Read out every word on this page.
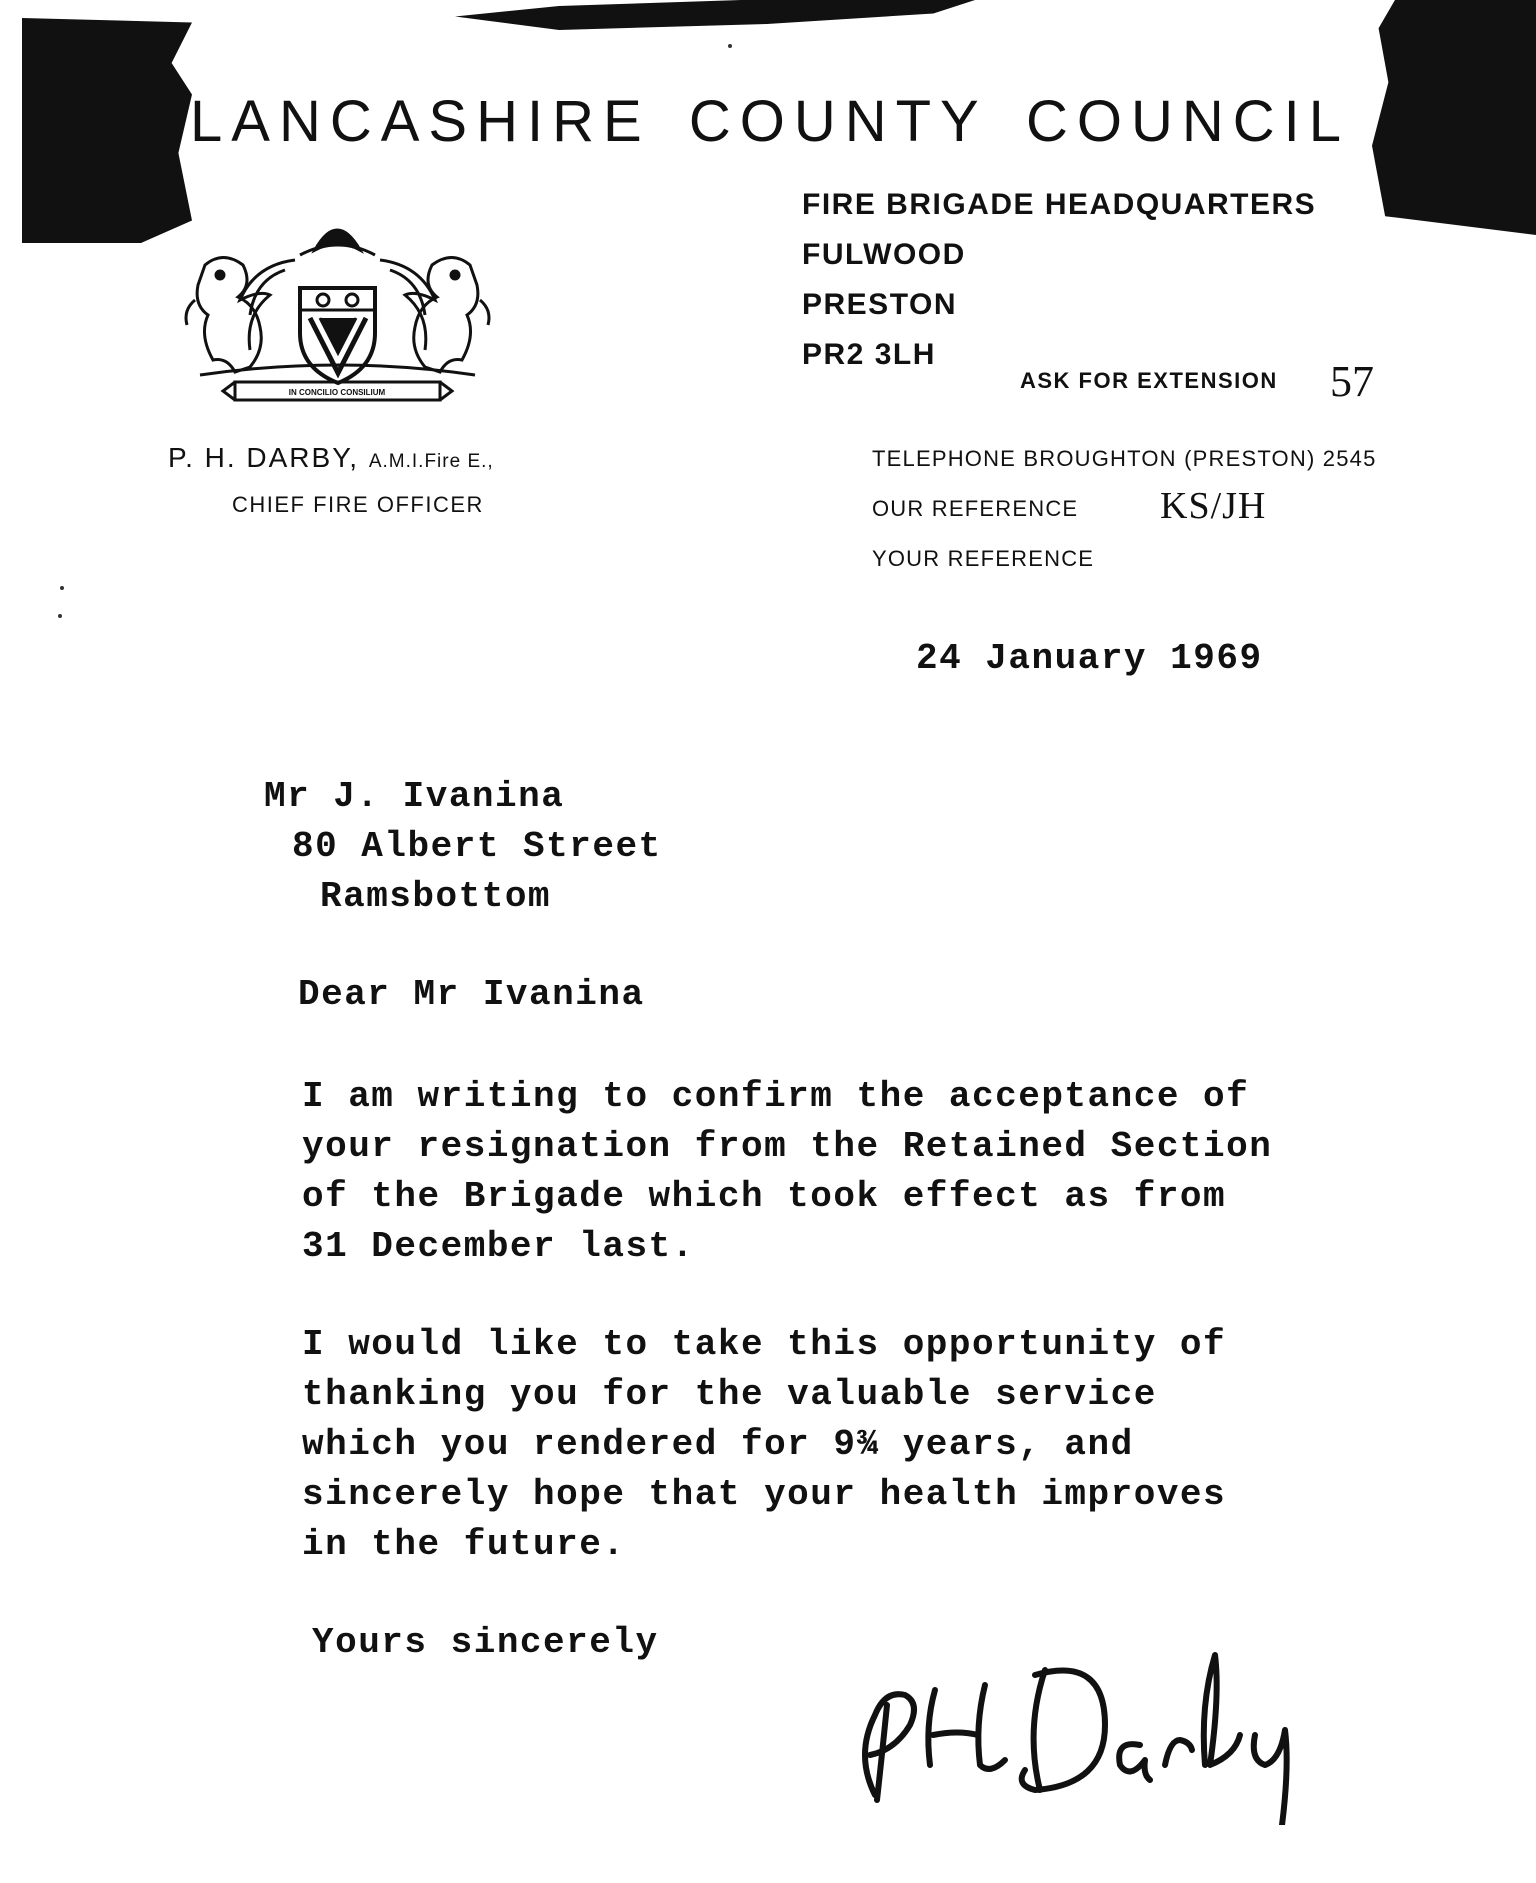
LANCASHIRE COUNTY COUNCIL
FIRE BRIGADE HEADQUARTERS
FULWOOD
PRESTON
PR2 3LH
ASK FOR EXTENSION 57
IN CONCILIO CONSILIUM
P. H. DARBY, A.M.I.Fire E.,
CHIEF FIRE OFFICER
TELEPHONE BROUGHTON (PRESTON) 2545
OUR REFERENCE KS/JH
YOUR REFERENCE
24 January 1969
Mr J. Ivanina
80 Albert Street
Ramsbottom
Dear Mr Ivanina
I am writing to confirm the acceptance of
your resignation from the Retained Section
of the Brigade which took effect as from
31 December last.
I would like to take this opportunity of
thanking you for the valuable service
which you rendered for 9¾ years, and
sincerely hope that your health improves
in the future.
Yours sincerely
PHDarby
